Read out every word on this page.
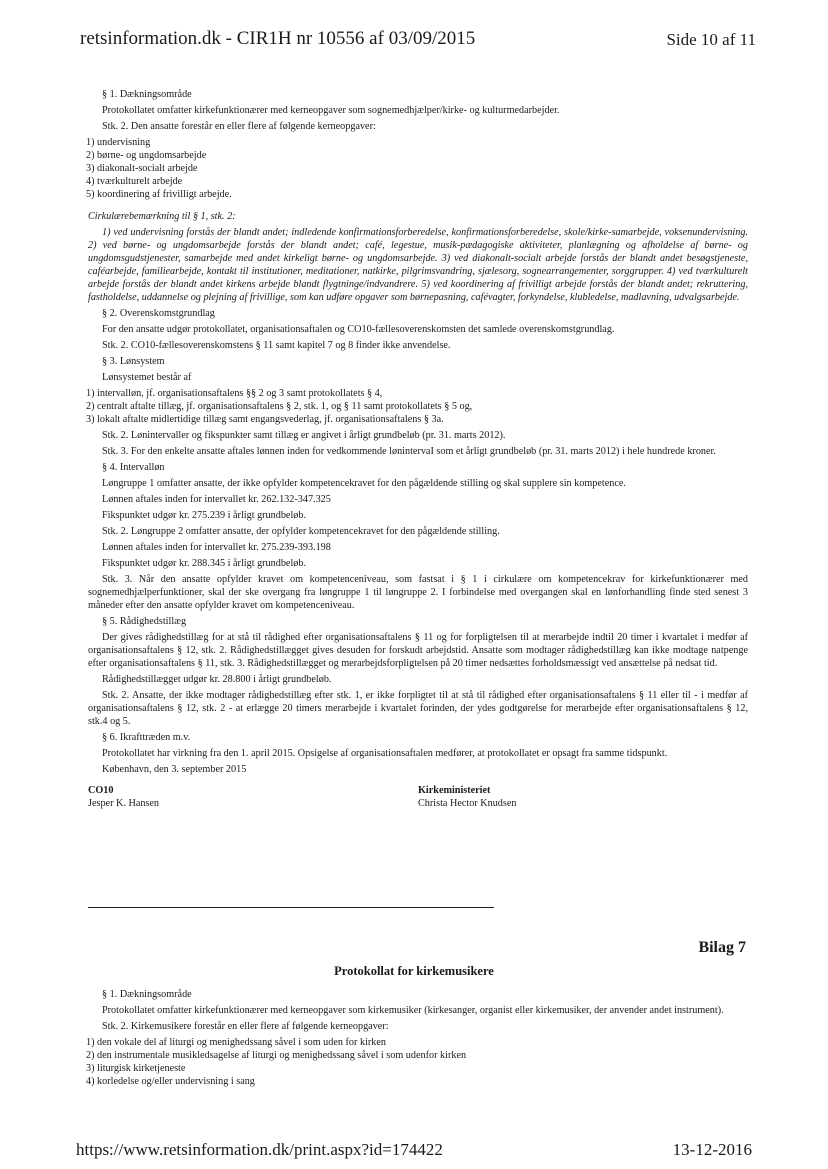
retsinformation.dk - CIR1H nr 10556 af 03/09/2015	Side 10 af 11

§ 1. Dækningsområde

Protokollatet omfatter kirkefunktionærer med kerneopgaver som sognemedhjælper/kirke- og kulturmedarbejder.

Stk. 2. Den ansatte forestår en eller flere af følgende kerneopgaver:

1) undervisning
2) børne- og ungdomsarbejde
3) diakonalt-socialt arbejde
4) tværkulturelt arbejde
5) koordinering af frivilligt arbejde.

Cirkulærebemærkning til § 1, stk. 2:

1) ved undervisning forstås der blandt andet; indledende konfirmationsforberedelse, konfirmationsforberedelse, skole/kirke-samarbejde, voksenundervisning. 2) ved børne- og ungdomsarbejde forstås der blandt andet; café, legestue, musik-pædagogiske aktiviteter, planlægning og afholdelse af børne- og ungdomsgudstjenester, samarbejde med andet kirkeligt børne- og ungdomsarbejde. 3) ved diakonalt-socialt arbejde forstås der blandt andet besøgstjeneste, caféarbejde, familiearbejde, kontakt til institutioner, meditationer, natkirke, pilgrimsvandring, sjælesorg, sognearrangementer, sorggrupper. 4) ved tværkulturelt arbejde forstås der blandt andet kirkens arbejde blandt flygtninge/indvandrere. 5) ved koordinering af frivilligt arbejde forstås der blandt andet; rekruttering, fastholdelse, uddannelse og plejning af frivillige, som kan udføre opgaver som børnepasning, cafévagter, forkyndelse, klubledelse, madlavning, udvalgsarbejde.

§ 2. Overenskomstgrundlag

For den ansatte udgør protokollatet, organisationsaftalen og CO10-fællesoverenskomsten det samlede overenskomstgrundlag.

Stk. 2. CO10-fællesoverenskomstens § 11 samt kapitel 7 og 8 finder ikke anvendelse.

§ 3. Lønsystem

Lønsystemet består af

1) intervalløn, jf. organisationsaftalens §§ 2 og 3 samt protokollatets § 4,
2) centralt aftalte tillæg, jf. organisationsaftalens § 2, stk. 1, og § 11 samt protokollatets § 5 og,
3) lokalt aftalte midlertidige tillæg samt engangsvederlag, jf. organisationsaftalens § 3a.

Stk. 2. Lønintervaller og fikspunkter samt tillæg er angivet i årligt grundbeløb (pr. 31. marts 2012).

Stk. 3. For den enkelte ansatte aftales lønnen inden for vedkommende lønintervaI som et årligt grundbeløb (pr. 31. marts 2012) i hele hundrede kroner.

§ 4. Intervalløn

Løngruppe 1 omfatter ansatte, der ikke opfylder kompetencekravet for den pågældende stilling og skal supplere sin kompetence.

Lønnen aftales inden for intervallet kr. 262.132-347.325

Fikspunktet udgør kr. 275.239 i årligt grundbeløb.

Stk. 2. Løngruppe 2 omfatter ansatte, der opfylder kompetencekravet for den pågældende stilling.

Lønnen aftales inden for intervallet kr. 275.239-393.198

Fikspunktet udgør kr. 288.345 i årligt grundbeløb.

Stk. 3. Når den ansatte opfylder kravet om kompetenceniveau, som fastsat i § 1 i cirkulære om kompetencekrav for kirkefunktionærer med sognemedhjælperfunktioner, skal der ske overgang fra løngruppe 1 til løngruppe 2. I forbindelse med overgangen skal en lønforhandling finde sted senest 3 måneder efter den ansatte opfylder kravet om kompetenceniveau.

§ 5. Rådighedstillæg

Der gives rådighedstillæg for at stå til rådighed efter organisationsaftalens § 11 og for forpligtelsen til at merarbejde indtil 20 timer i kvartalet i medfør af organisationsaftalens § 12, stk. 2. Rådighedstillægget gives desuden for forskudt arbejdstid. Ansatte som modtager rådighedstillæg kan ikke modtage natpenge efter organisationsaftalens § 11, stk. 3. Rådighedstillægget og merarbejdsforpligtelsen på 20 timer nedsættes forholdsmæssigt ved ansættelse på nedsat tid.

Rådighedstillægget udgør kr. 28.800 i årligt grundbeløb.

Stk. 2. Ansatte, der ikke modtager rådighedstillæg efter stk. 1, er ikke forpligtet til at stå til rådighed efter organisationsaftalens § 11 eller til - i medfør af organisationsaftalens § 12, stk. 2 - at erlægge 20 timers merarbejde i kvartalet forinden, der ydes godtgørelse for merarbejde efter organisationsaftalens § 12, stk.4 og 5.

§ 6. Ikrafttræden m.v.

Protokollatet har virkning fra den 1. april 2015. Opsigelse af organisationsaftalen medfører, at protokollatet er opsagt fra samme tidspunkt.

København, den 3. september 2015

CO10
Jesper K. Hansen
Kirkeministeriet
Christa Hector Knudsen
Bilag 7
Protokollat for kirkemusikere

§ 1. Dækningsområde

Protokollatet omfatter kirkefunktionærer med kerneopgaver som kirkemusiker (kirkesanger, organist eller kirkemusiker, der anvender andet instrument).

Stk. 2. Kirkemusikere forestår en eller flere af følgende kerneopgaver:

1) den vokale del af liturgi og menighedssang såvel i som uden for kirken
2) den instrumentale musikledsagelse af liturgi og menighedssang såvel i som udenfor kirken
3) liturgisk kirketjeneste
4) korledelse og/eller undervisning i sang
https://www.retsinformation.dk/print.aspx?id=174422	13-12-2016
